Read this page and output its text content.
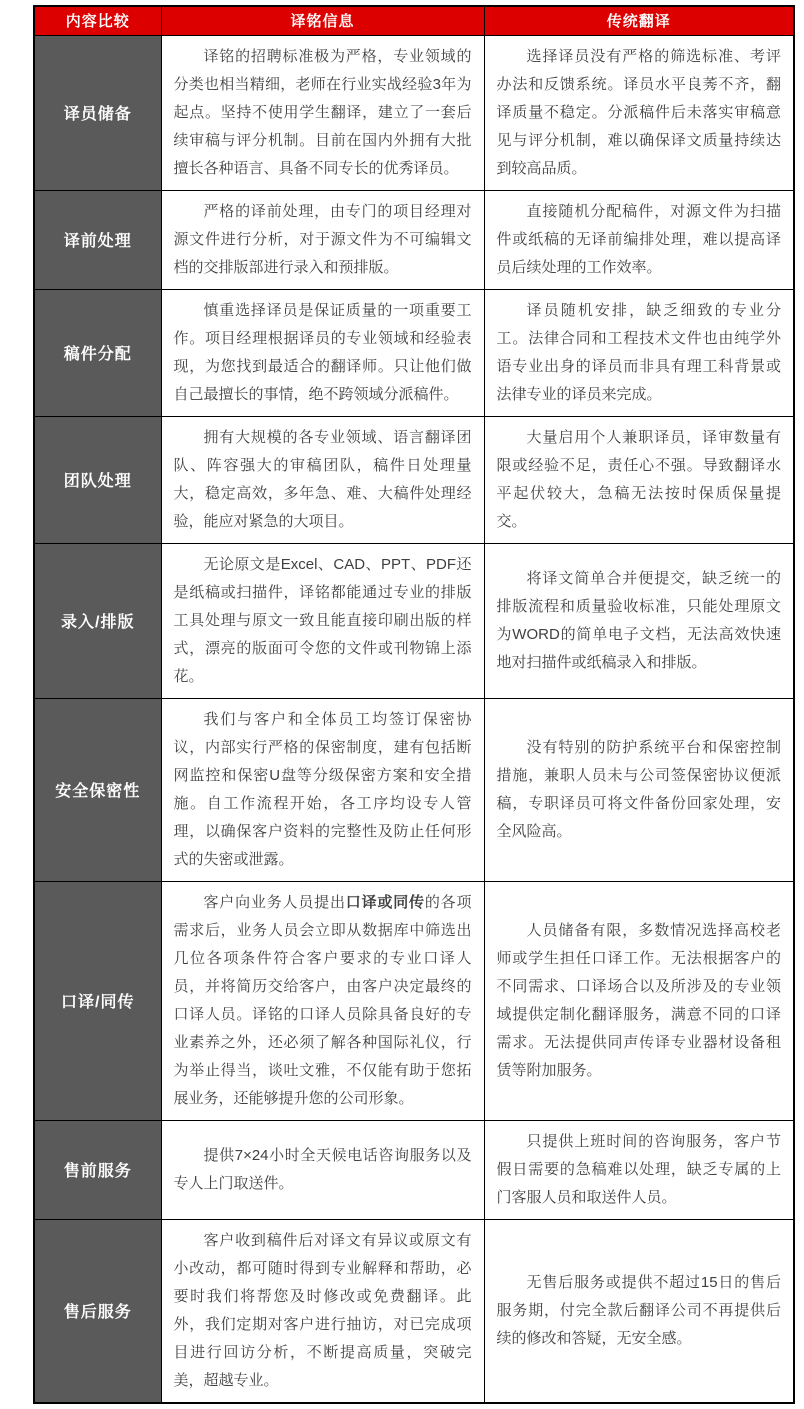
内容比较	译铭信息	传统翻译
译员储备	译铭的招聘标准极为严格，专业领域的分类也相当精细，老师在行业实战经验3年为起点。坚持不使用学生翻译，建立了一套后续审稿与评分机制。目前在国内外拥有大批擅长各种语言、具备不同专长的优秀译员。	选择译员没有严格的筛选标准、考评办法和反馈系统。译员水平良莠不齐，翻译质量不稳定。分派稿件后未落实审稿意见与评分机制，难以确保译文质量持续达到较高品质。
译前处理	严格的译前处理，由专门的项目经理对源文件进行分析，对于源文件为不可编辑文档的交排版部进行录入和预排版。	直接随机分配稿件，对源文件为扫描件或纸稿的无译前编排处理，难以提高译员后续处理的工作效率。
稿件分配	慎重选择译员是保证质量的一项重要工作。项目经理根据译员的专业领域和经验表现，为您找到最适合的翻译师。只让他们做自己最擅长的事情，绝不跨领域分派稿件。	译员随机安排，缺乏细致的专业分工。法律合同和工程技术文件也由纯学外语专业出身的译员而非具有理工科背景或法律专业的译员来完成。
团队处理	拥有大规模的各专业领域、语言翻译团队、阵容强大的审稿团队，稿件日处理量大，稳定高效，多年急、难、大稿件处理经验，能应对紧急的大项目。	大量启用个人兼职译员，译审数量有限或经验不足，责任心不强。导致翻译水平起伏较大，急稿无法按时保质保量提交。
录入/排版	无论原文是Excel、CAD、PPT、PDF还是纸稿或扫描件，译铭都能通过专业的排版工具处理与原文一致且能直接印刷出版的样式，漂亮的版面可令您的文件或刊物锦上添花。	将译文简单合并便提交，缺乏统一的排版流程和质量验收标准，只能处理原文为WORD的简单电子文档，无法高效快速地对扫描件或纸稿录入和排版。
安全保密性	我们与客户和全体员工均签订保密协议，内部实行严格的保密制度，建有包括断网监控和保密U盘等分级保密方案和安全措施。自工作流程开始，各工序均设专人管理，以确保客户资料的完整性及防止任何形式的失密或泄露。	没有特别的防护系统平台和保密控制措施，兼职人员未与公司签保密协议便派稿，专职译员可将文件备份回家处理，安全风险高。
口译/同传	客户向业务人员提出口译或同传的各项需求后，业务人员会立即从数据库中筛选出几位各项条件符合客户要求的专业口译人员，并将简历交给客户，由客户决定最终的口译人员。译铭的口译人员除具备良好的专业素养之外，还必须了解各种国际礼仪，行为举止得当，谈吐文雅，不仅能有助于您拓展业务，还能够提升您的公司形象。	人员储备有限，多数情况选择高校老师或学生担任口译工作。无法根据客户的不同需求、口译场合以及所涉及的专业领域提供定制化翻译服务，满意不同的口译需求。无法提供同声传译专业器材设备租赁等附加服务。
售前服务	提供7×24小时全天候电话咨询服务以及专人上门取送件。	只提供上班时间的咨询服务，客户节假日需要的急稿难以处理，缺乏专属的上门客服人员和取送件人员。
售后服务	客户收到稿件后对译文有异议或原文有小改动，都可随时得到专业解释和帮助，必要时我们将帮您及时修改或免费翻译。此外，我们定期对客户进行抽访，对已完成项目进行回访分析，不断提高质量，突破完美，超越专业。	无售后服务或提供不超过15日的售后服务期，付完全款后翻译公司不再提供后续的修改和答疑，无安全感。
